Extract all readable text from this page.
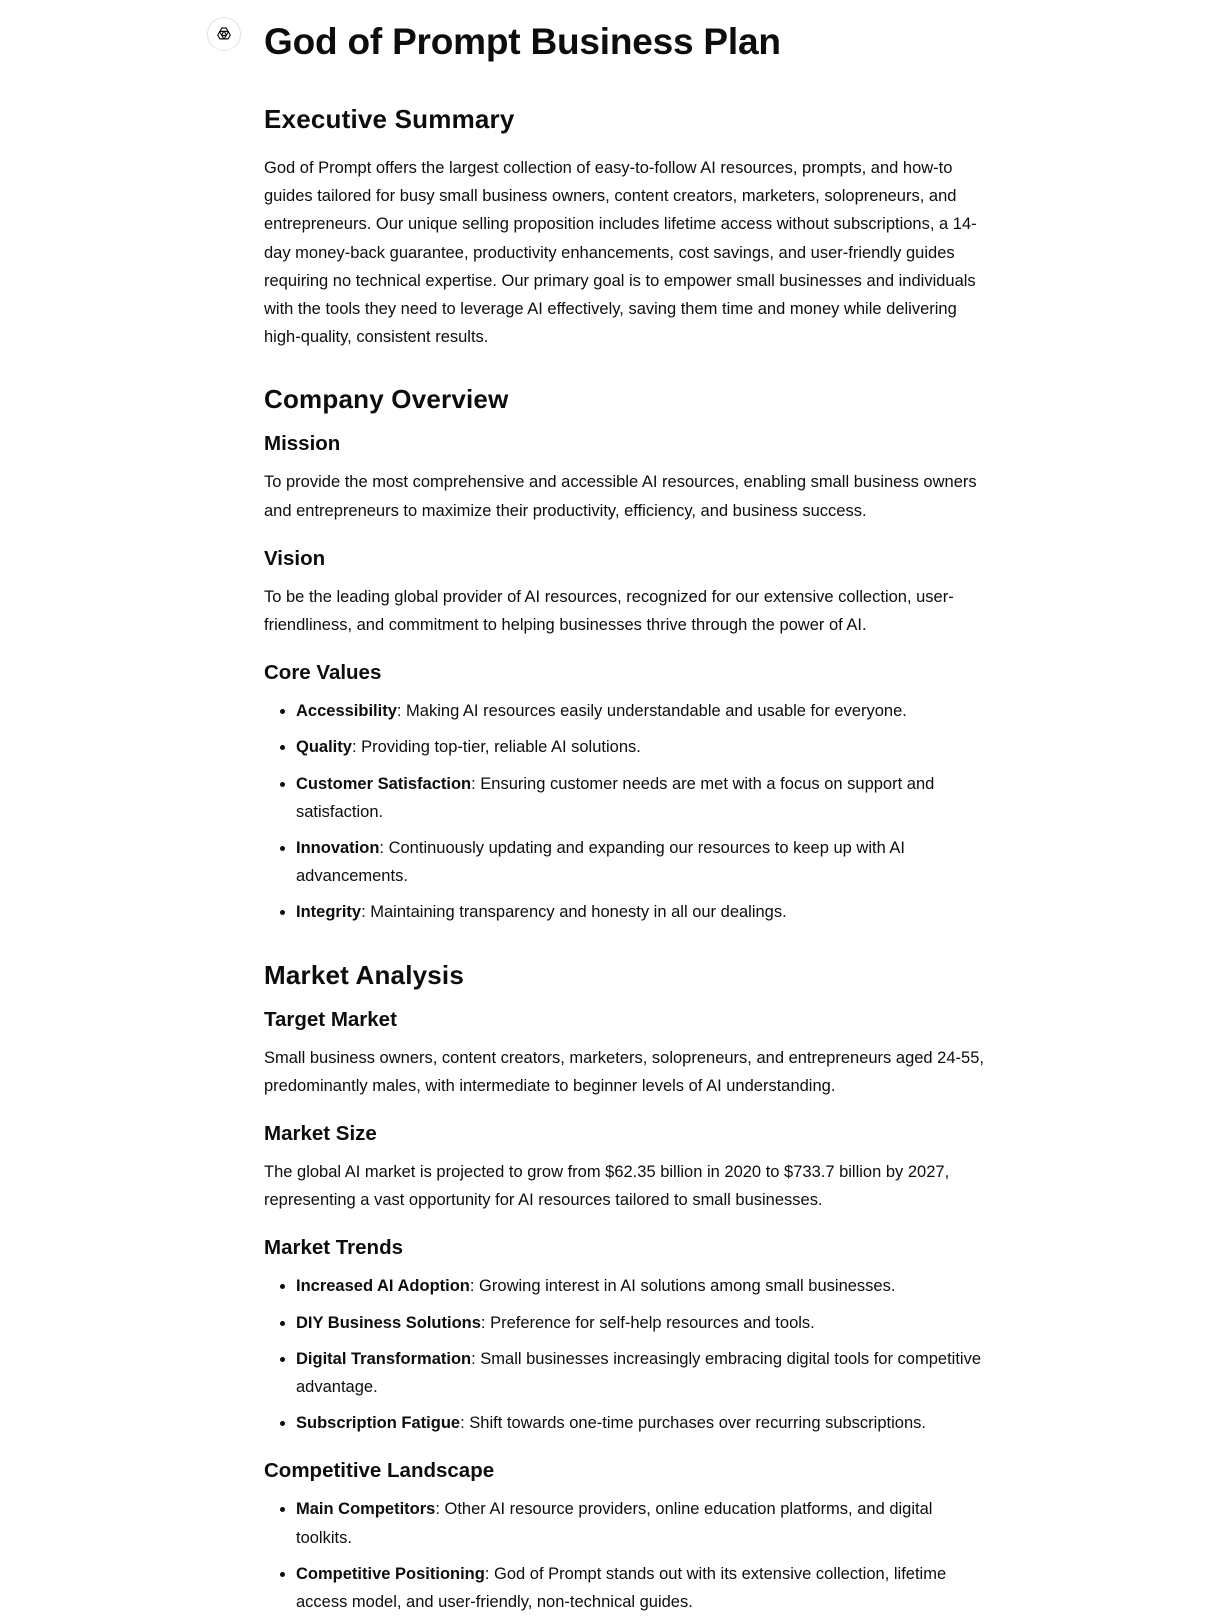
God of Prompt Business Plan
Executive Summary

God of Prompt offers the largest collection of easy-to-follow AI resources, prompts, and how-to guides tailored for busy small business owners, content creators, marketers, solopreneurs, and entrepreneurs. Our unique selling proposition includes lifetime access without subscriptions, a 14-day money-back guarantee, productivity enhancements, cost savings, and user-friendly guides requiring no technical expertise. Our primary goal is to empower small businesses and individuals with the tools they need to leverage AI effectively, saving them time and money while delivering high-quality, consistent results.

Company Overview
Mission

To provide the most comprehensive and accessible AI resources, enabling small business owners and entrepreneurs to maximize their productivity, efficiency, and business success.

Vision

To be the leading global provider of AI resources, recognized for our extensive collection, user-friendliness, and commitment to helping businesses thrive through the power of AI.

Core Values
• Accessibility: Making AI resources easily understandable and usable for everyone.
• Quality: Providing top-tier, reliable AI solutions.
• Customer Satisfaction: Ensuring customer needs are met with a focus on support and satisfaction.
• Innovation: Continuously updating and expanding our resources to keep up with AI advancements.
• Integrity: Maintaining transparency and honesty in all our dealings.
Market Analysis
Target Market

Small business owners, content creators, marketers, solopreneurs, and entrepreneurs aged 24-55, predominantly males, with intermediate to beginner levels of AI understanding.

Market Size

The global AI market is projected to grow from $62.35 billion in 2020 to $733.7 billion by 2027, representing a vast opportunity for AI resources tailored to small businesses.

Market Trends
• Increased AI Adoption: Growing interest in AI solutions among small businesses.
• DIY Business Solutions: Preference for self-help resources and tools.
• Digital Transformation: Small businesses increasingly embracing digital tools for competitive advantage.
• Subscription Fatigue: Shift towards one-time purchases over recurring subscriptions.
Competitive Landscape
• Main Competitors: Other AI resource providers, online education platforms, and digital toolkits.
• Competitive Positioning: God of Prompt stands out with its extensive collection, lifetime access model, and user-friendly, non-technical guides.
